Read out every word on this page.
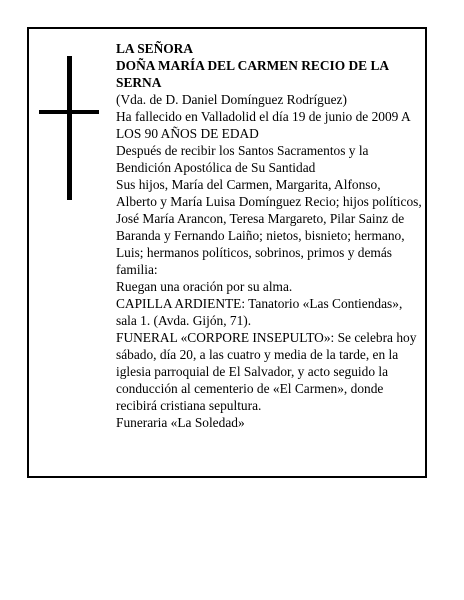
LA SEÑORA

DOÑA MARÍA DEL CARMEN RECIO DE LA SERNA

(Vda. de D. Daniel Domínguez Rodríguez)

Ha fallecido en Valladolid el día 19 de junio de 2009 A LOS 90 AÑOS DE EDAD

Después de recibir los Santos Sacramentos y la Bendición Apostólica de Su Santidad

Sus hijos, María del Carmen, Margarita, Alfonso, Alberto y María Luisa Domínguez Recio; hijos políticos, José María Arancon, Teresa Margareto, Pilar Sainz de Baranda y Fernando Laiño; nietos, bisnieto; hermano, Luis; hermanos políticos, sobrinos, primos y demás familia:

Ruegan una oración por su alma.

CAPILLA ARDIENTE: Tanatorio «Las Contiendas», sala 1. (Avda. Gijón, 71).

FUNERAL «CORPORE INSEPULTO»: Se celebra hoy sábado, día 20, a las cuatro y media de la tarde, en la iglesia parroquial de El Salvador, y acto seguido la conducción al cementerio de «El Carmen», donde recibirá cristiana sepultura.

Funeraria «La Soledad»
